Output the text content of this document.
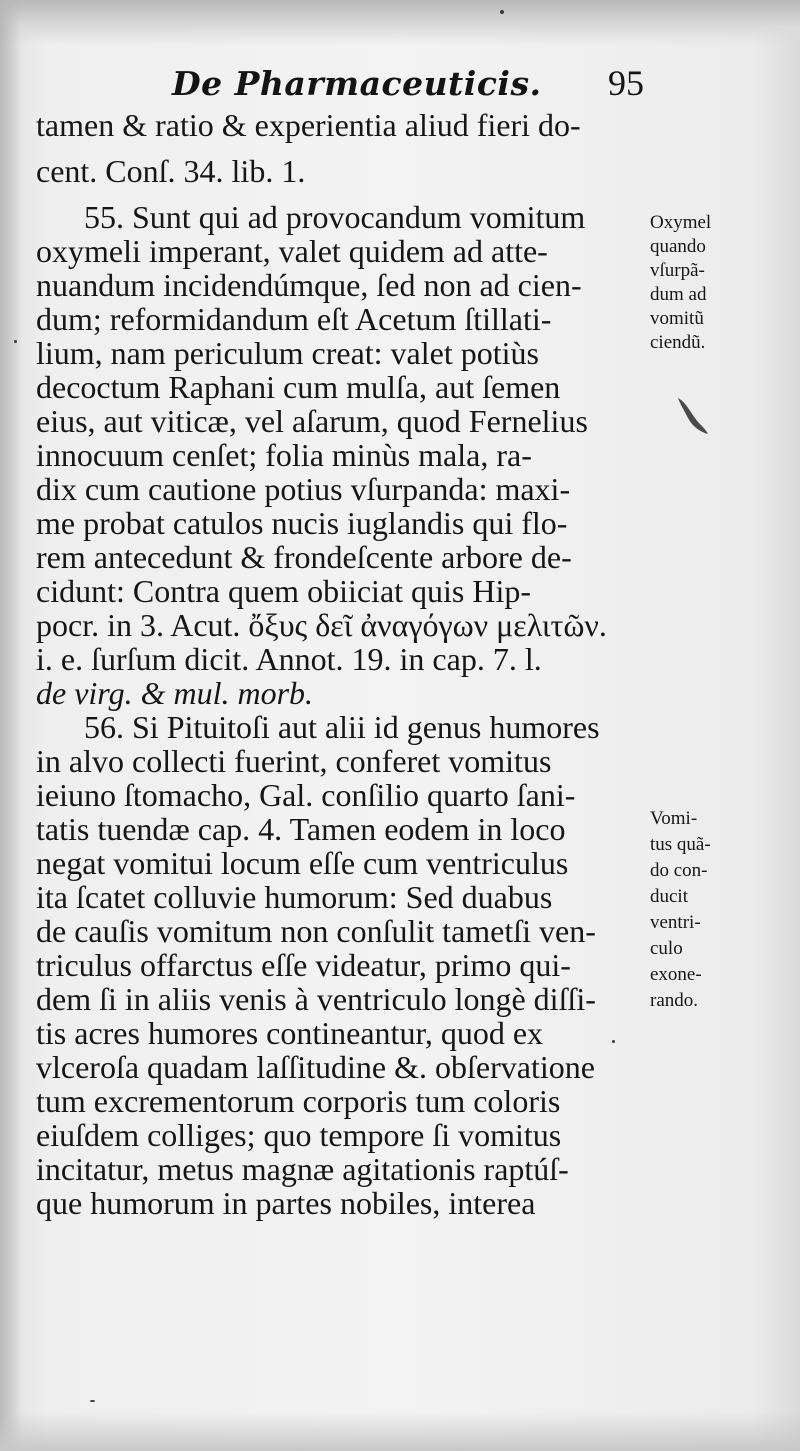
De Pharmaceuticis. 95
tamen & ratio & experientia aliud fieri do-
cent. Conſ. 34. lib. 1.
55. Sunt qui ad provocandum vomitum
oxymeli imperant, valet quidem ad atte-
nuandum incidendúmque, ſed non ad cien-
dum; reformidandum eſt Acetum ſtillati-
lium, nam periculum creat: valet potiùs
decoctum Raphani cum mulſa, aut ſemen
eius, aut viticæ, vel aſarum, quod Fernelius
innocuum cenſet; folia minùs mala, ra-
dix cum cautione potius vſurpanda: maxi-
me probat catulos nucis iuglandis qui flo-
rem antecedunt & frondeſcente arbore de-
cidunt: Contra quem obiiciat quis Hip-
pocr. in 3. Acut. ὄξυς δεῖ ἀναγόγων μελιτῶν.
i. e. ſurſum dicit. Annot. 19. in cap. 7. l.
de virg. & mul. morb.
56. Si Pituitoſi aut alii id genus humores
in alvo collecti fuerint, conferet vomitus
ieiuno ſtomacho, Gal. conſilio quarto ſani-
tatis tuendæ cap. 4. Tamen eodem in loco
negat vomitui locum eſſe cum ventriculus
ita ſcatet colluvie humorum: Sed duabus
de cauſis vomitum non conſulit tametſi ven-
triculus offarctus eſſe videatur, primo qui-
dem ſi in aliis venis à ventriculo longè diſſi-
tis acres humores contineantur, quod ex
vlceroſa quadam laſſitudine &. obſervatione
tum excrementorum corporis tum coloris
eiuſdem colliges; quo tempore ſi vomitus
incitatur, metus magnæ agitationis raptúſ-
que humorum in partes nobiles, interea
Oxymel
quando
vſurpã-
dum ad
vomitũ
ciendũ.
Vomi-
tus quã-
do con-
ducit
ventri-
culo
exone-
rando.
